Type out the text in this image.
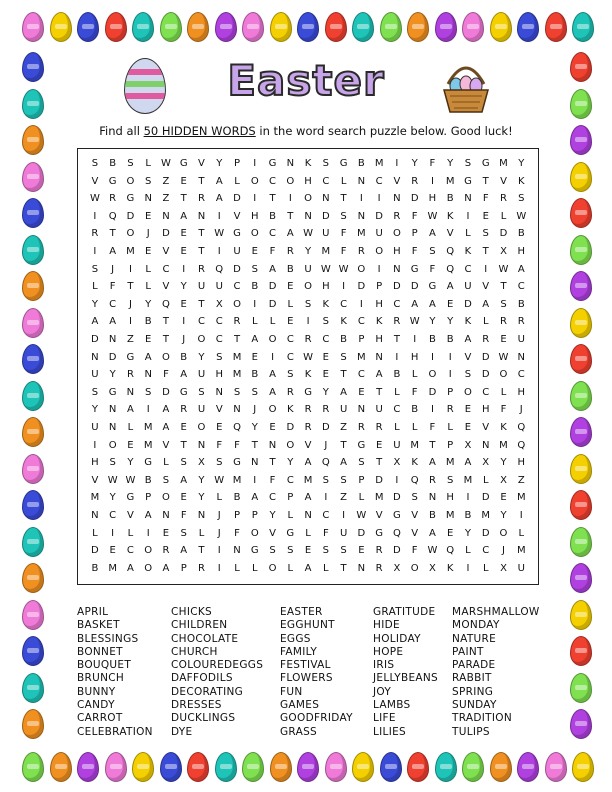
Easter
Find all 50 HIDDEN WORDS in the word search puzzle below. Good luck!
S	B	S	L	W G	V	Y	P	I	G	N	K	S	G	B	M	I	Y	F	Y	S	G M	Y
V	G O	S	Z	E	T	A	L	O	C	O	H	C	L	N	C	V	R	I	M G	T	V	K
W R	G	N	Z	T	R	A	D	I	T	I	O	N	T	I	I	N	D	H	B	N	F	R	S
I	Q D	E	N	A	N	I	V	H	B	T	N	D	S	N	D	R	F W K	I	E	L	W
R	T	O	J	D	E	T W G O	C	A W U	F	M U	O	P	A	V	L	S	D	B
I	A	M	E	V	E	T	I	U	E	F	R	Y	M	F	R	O	H	F	S	Q	K	T	X	H
S	J	I	L	C	I	R	Q D	S	A	B	U W W O	I	N	G	F	Q	C	I	W A
L	F	T	L	V	Y	U	U	C	B	D	E	O	H	I	D	P	D	D	G	A	U	V	T	C
Y	C	J	Y	Q	E	T	X	O	I	D	L	S	K	C	I	H	C	A	A	E	D	A	S	B
A	A	I	B	T	I	C	C	R	L	L	E	I	S	K	C	K	R W Y	Y	K	L	R	R
D	N	Z	E	T	J	O	C	T	A	O	C	R	C	B	P	H	T	I	B	B	A	R	E	U
N	D	G	A	O	B	Y	S	M	E	I	C W E	S	M N	I	H	I	I	V	D W N
U	Y	R	N	F	A	U	H M	B	A	S	K	E	T	C	A	B	L	O	I	S	D O	C
S	G	N	S	D	G	S	N	S	S	A	R	G	Y	A	E	T	L	F	D	P	O	C	L	H
Y	N	A	I	A	R	U	V	N	J	O	K	R	R	U	N	U	C	B	I	R	E	H	F	J
U	N	L	M	A	E	O	E	Q	Y	E	D	R	D	Z	R	R	L	L	F	L	E	V	K	Q
I	O	E	M	V	T	N	F	F	T	N	O	V	J	T	G	E	U M	T	P	X	N M Q
H	S	Y	G	L	S	X	S	G	N	T	Y	A	Q	A	S	T	X	K	A	M	A	X	Y	H
V W W B	S	A	Y W M	I	F	C M	S	S	P	D	I	Q	R	S	M	L	X	Z
M	Y	G	P	O	E	Y	L	B	A	C	P	A	I	Z	L	M D	S	N	H	I	D	E	M
N	C	V	A	N	F	N	J	P	P	Y	L	N	C	I	W V	G	V	B	M	B	M	Y	I
L	I	L	I	E	S	L	J	F	O	V	G	L	F	U	D	G Q	V	A	E	Y	D O	L
D	E	C	O	R	A	T	I	N	G	S	S	E	S	S	E	R	D	F W Q	L	C	J	M
B	M	A	O	A	P	R	I	L	L	O	L	A	L	T	N	R	X	O	X	K	I	L	X	U
APRIL
BASKET
BLESSINGS
BONNET
BOUQUET
BRUNCH
BUNNY
CANDY
CARROT
CELEBRATION
CHICKS
CHILDREN
CHOCOLATE
CHURCH
COLOUREDEGGS
DAFFODILS
DECORATING
DRESSES
DUCKLINGS
DYE
EASTER
EGGHUNT
EGGS
FAMILY
FESTIVAL
FLOWERS
FUN
GAMES
GOODFRIDAY
GRASS
GRATITUDE
HIDE
HOLIDAY
HOPE
IRIS
JELLYBEANS
JOY
LAMBS
LIFE
LILIES
MARSHMALLOW
MONDAY
NATURE
PAINT
PARADE
RABBIT
SPRING
SUNDAY
TRADITION
TULIPS
